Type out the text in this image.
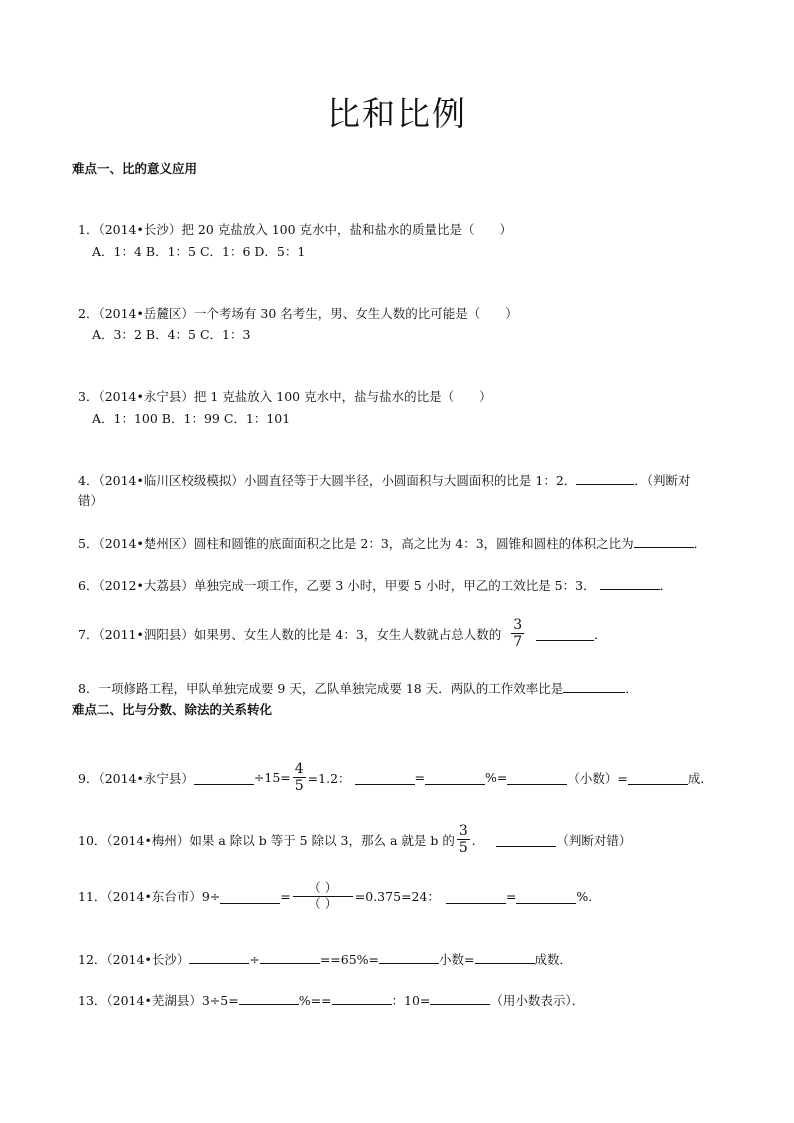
比和比例
难点一、比的意义应用
1．（2014•长沙）把 20 克盐放入 100 克水中，盐和盐水的质量比是（　　）
A．1：4 B．1：5 C．1：6 D．5：1
2．（2014•岳麓区）一个考场有 30 名考生，男、女生人数的比可能是（　　）
A．3：2 B．4：5 C．1：3
3．（2014•永宁县）把 1 克盐放入 100 克水中，盐与盐水的比是（　　）
A．1：100 B．1：99 C．1：101
4．（2014•临川区校级模拟）小圆直径等于大圆半径，小圆面积与大圆面积的比是 1：2．	．（判断对
错）
5．（2014•楚州区）圆柱和圆锥的底面面积之比是 2：3，高之比为 4：3，圆锥和圆柱的体积之比为	．
6．（2012•大荔县）单独完成一项工作，乙要 3 小时，甲要 5 小时，甲乙的工效比是 5：3．	．
7．（2011•泗阳县）如果男、女生人数的比是 4：3，女生人数就占总人数的 $\frac{3}{7}$	．
8．一项修路工程，甲队单独完成要 9 天，乙队单独完成要 18 天．两队的工作效率比是	．
难点二、比与分数、除法的关系转化
9．（2014•永宁县）	$\div 15= \frac{4}{5} =1.2$：	=	%=	（小数）=	成．
10．（2014•梅州）如果 a 除以 b 等于 5 除以 3，那么 a 就是 b 的 $\frac{3}{5}$ ．	（判断对错）
11．（2014•东台市）9÷	= $\frac{( )}{( )} =0.375=24$：	=	%．
12．（2014•长沙）	÷	==65%=	小数=	成数．
13．（2014•芜湖县）3÷5=	%==	：10=	（用小数表示）．
